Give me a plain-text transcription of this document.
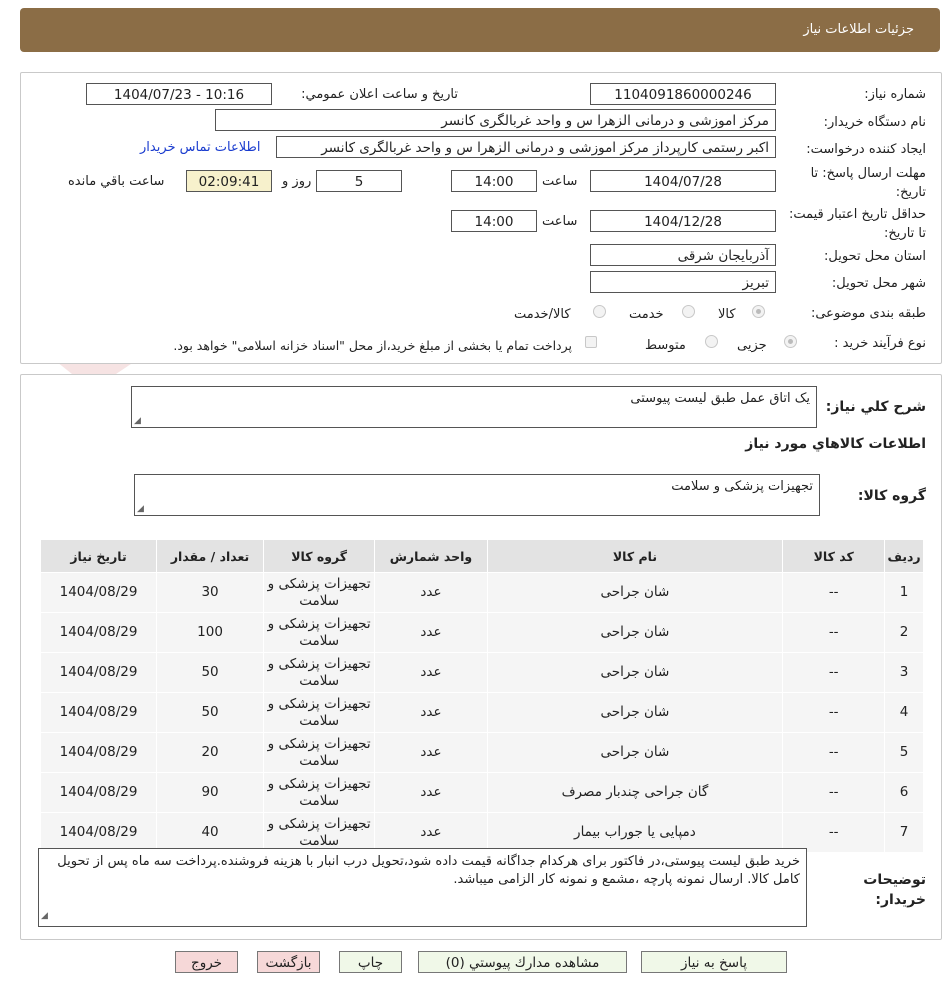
جزئیات اطلاعات نیاز
شماره نیاز:
1104091860000246
تاریخ و ساعت اعلان عمومي:
1404/07/23 - 10:16
نام دستگاه خریدار:
مرکز اموزشی و درمانی الزهرا س و واحد غربالگری کانسر
ایجاد کننده درخواست:
اکبر رستمی کارپرداز مرکز اموزشی و درمانی الزهرا س و واحد غربالگری کانسر
اطلاعات تماس خریدار
مهلت ارسال پاسخ: تا تاریخ:
1404/07/28
ساعت
14:00
5
روز و
02:09:41
ساعت باقي مانده
حداقل تاریخ اعتبار قیمت: تا تاریخ:
1404/12/28
ساعت
14:00
استان محل تحویل:
آذربایجان شرقی
شهر محل تحویل:
تبریز
طبقه بندی موضوعی:
کالا
خدمت
کالا/خدمت
نوع فرآیند خرید :
جزیی
متوسط
پرداخت تمام یا بخشی از مبلغ خرید،از محل "اسناد خزانه اسلامی" خواهد بود.
شرح کلي نياز:
یک اتاق عمل طبق لیست پیوستی
◢
اطلاعات کالاهاي مورد نياز
گروه کالا:
تجهیزات پزشکی و سلامت
◢
رديف	کد کالا	نام کالا	واحد شمارش	گروه کالا	تعداد / مقدار	تاريخ نياز
1	--	شان جراحی	عدد	تجهیزات پزشکی و سلامت	30	1404/08/29
2	--	شان جراحی	عدد	تجهیزات پزشکی و سلامت	100	1404/08/29
3	--	شان جراحی	عدد	تجهیزات پزشکی و سلامت	50	1404/08/29
4	--	شان جراحی	عدد	تجهیزات پزشکی و سلامت	50	1404/08/29
5	--	شان جراحی	عدد	تجهیزات پزشکی و سلامت	20	1404/08/29
6	--	گان جراحی چندبار مصرف	عدد	تجهیزات پزشکی و سلامت	90	1404/08/29
7	--	دمپایی یا جوراب بیمار	عدد	تجهیزات پزشکی و سلامت	40	1404/08/29
توضیحات خریدار:
خرید طبق لیست پیوستی،در فاکتور برای هرکدام جداگانه قیمت داده شود،تحویل درب انبار با هزینه فروشنده.پرداخت سه ماه پس از تحویل کامل کالا. ارسال نمونه پارچه ،مشمع و نمونه کار الزامی میباشد.
◢
پاسخ به نیاز
مشاهده مدارك پيوستي (0)
چاپ
بازگشت
خروج
